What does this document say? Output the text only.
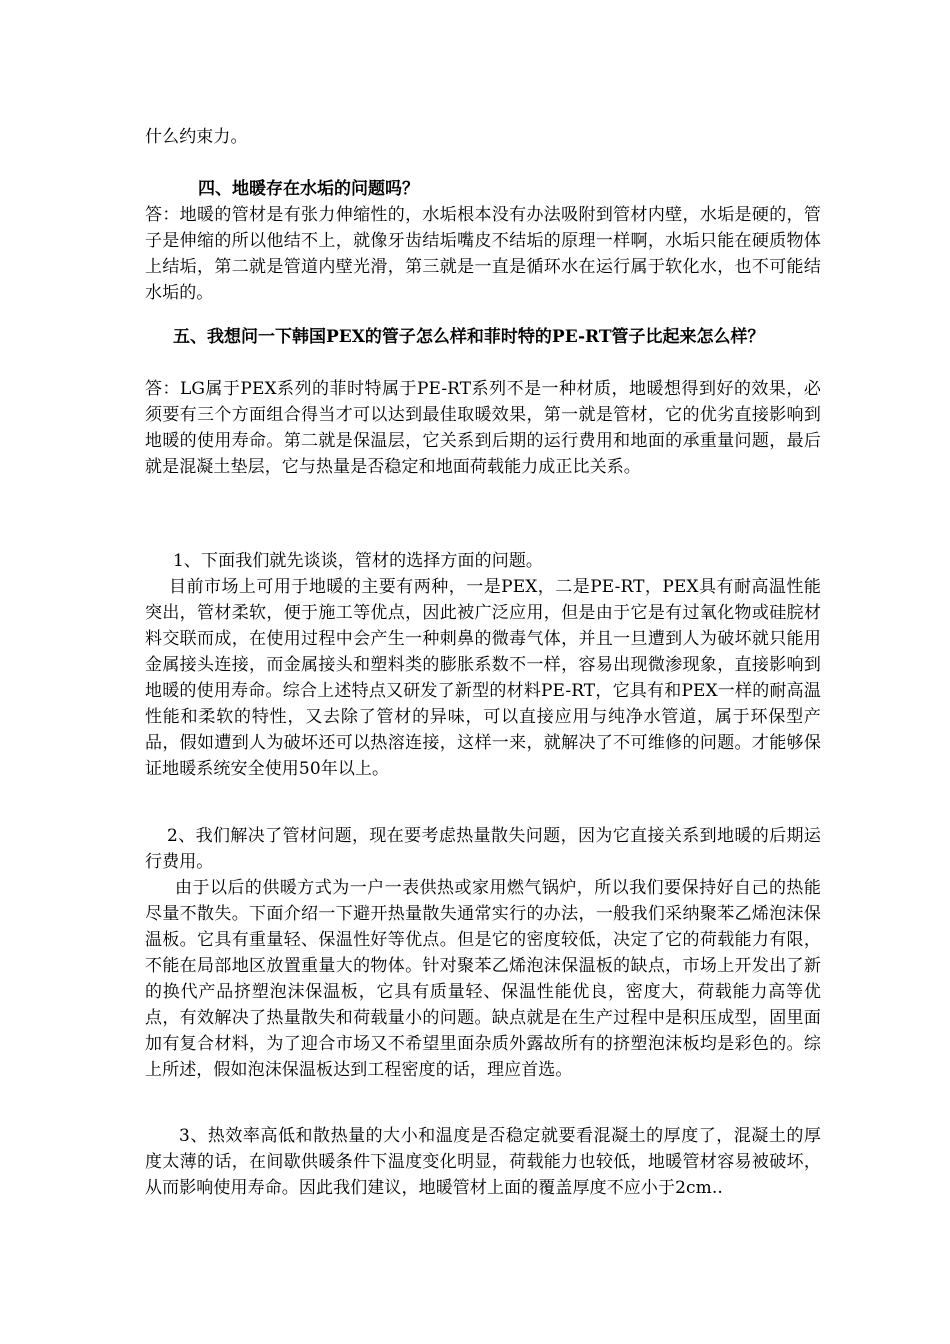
什么约束力。

四、地暖存在水垢的问题吗？

答：地暖的管材是有张力伸缩性的，水垢根本没有办法吸附到管材内壁，水垢是硬的，管子是伸缩的所以他结不上，就像牙齿结垢嘴皮不结垢的原理一样啊，水垢只能在硬质物体上结垢，第二就是管道内壁光滑，第三就是一直是循环水在运行属于软化水，也不可能结水垢的。

五、我想问一下韩国PEX的管子怎么样和菲时特的PE-RT管子比起来怎么样？

答：LG属于PEX系列的菲时特属于PE-RT系列不是一种材质，地暖想得到好的效果，必须要有三个方面组合得当才可以达到最佳取暖效果，第一就是管材，它的优劣直接影响到地暖的使用寿命。第二就是保温层，它关系到后期的运行费用和地面的承重量问题，最后就是混凝土垫层，它与热量是否稳定和地面荷载能力成正比关系。

1、下面我们就先谈谈，管材的选择方面的问题。

目前市场上可用于地暖的主要有两种，一是PEX，二是PE-RT，PEX具有耐高温性能突出，管材柔软，便于施工等优点，因此被广泛应用，但是由于它是有过氧化物或硅脘材料交联而成，在使用过程中会产生一种刺鼻的微毒气体，并且一旦遭到人为破坏就只能用金属接头连接，而金属接头和塑料类的膨胀系数不一样，容易出现微渗现象，直接影响到地暖的使用寿命。综合上述特点又研发了新型的材料PE-RT，它具有和PEX一样的耐高温性能和柔软的特性，又去除了管材的异味，可以直接应用与纯净水管道，属于环保型产品，假如遭到人为破坏还可以热溶连接，这样一来，就解决了不可维修的问题。才能够保证地暖系统安全使用50年以上。

2、我们解决了管材问题，现在要考虑热量散失问题，因为它直接关系到地暖的后期运行费用。

由于以后的供暖方式为一户一表供热或家用燃气锅炉，所以我们要保持好自己的热能尽量不散失。下面介绍一下避开热量散失通常实行的办法，一般我们采纳聚苯乙烯泡沫保温板。它具有重量轻、保温性好等优点。但是它的密度较低，决定了它的荷载能力有限，不能在局部地区放置重量大的物体。针对聚苯乙烯泡沫保温板的缺点，市场上开发出了新的换代产品挤塑泡沫保温板，它具有质量轻、保温性能优良，密度大，荷载能力高等优点，有效解决了热量散失和荷载量小的问题。缺点就是在生产过程中是积压成型，固里面加有复合材料，为了迎合市场又不希望里面杂质外露故所有的挤塑泡沫板均是彩色的。综上所述，假如泡沫保温板达到工程密度的话，理应首选。

3、热效率高低和散热量的大小和温度是否稳定就要看混凝土的厚度了，混凝土的厚度太薄的话，在间歇供暖条件下温度变化明显，荷载能力也较低，地暖管材容易被破坏，从而影响使用寿命。因此我们建议，地暖管材上面的覆盖厚度不应小于2cm..
